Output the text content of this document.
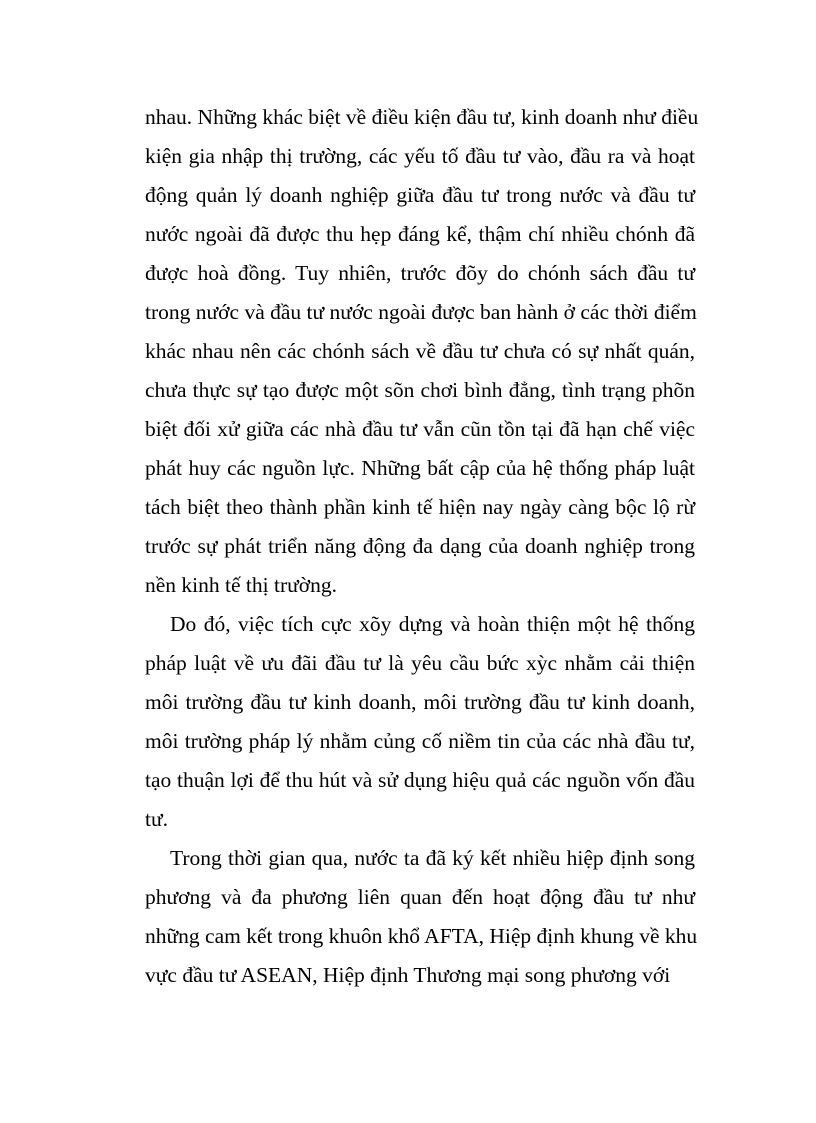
nhau. Những khác biệt về điều kiện đầu tư, kinh doanh như điều
kiện gia nhập thị trường, các yếu tố đầu tư vào, đầu ra và hoạt
động quản lý doanh nghiệp giữa đầu tư trong nước và đầu tư
nước ngoài đã được thu hẹp đáng kể, thậm chí nhiều chónh đã
được hoà đồng. Tuy nhiên, trước đõy do chónh sách đầu tư
trong nước và đầu tư nước ngoài được ban hành ở các thời điểm
khác nhau nên các chónh sách về đầu tư chưa có sự nhất quán,
chưa thực sự tạo được một sõn chơi bình đẳng, tình trạng phõn
biệt đối xử giữa các nhà đầu tư vẫn cũn tồn tại đã hạn chế việc
phát huy các nguồn lực. Những bất cập của hệ thống pháp luật
tách biệt theo thành phần kinh tế hiện nay ngày càng bộc lộ rừ
trước sự phát triển năng động đa dạng của doanh nghiệp trong
nền kinh tế thị trường.
Do đó, việc tích cực xõy dựng và hoàn thiện một hệ thống
pháp luật về ưu đãi đầu tư là yêu cầu bức xỳc nhằm cải thiện
môi trường đầu tư kinh doanh, môi trường đầu tư kinh doanh,
môi trường pháp lý nhằm củng cố niềm tin của các nhà đầu tư,
tạo thuận lợi để thu hút và sử dụng hiệu quả các nguồn vốn đầu
tư.
Trong thời gian qua, nước ta đã ký kết nhiều hiệp định song
phương và đa phương liên quan đến hoạt động đầu tư như
những cam kết trong khuôn khổ AFTA, Hiệp định khung về khu
vực đầu tư ASEAN, Hiệp định Thương mại song phương với
